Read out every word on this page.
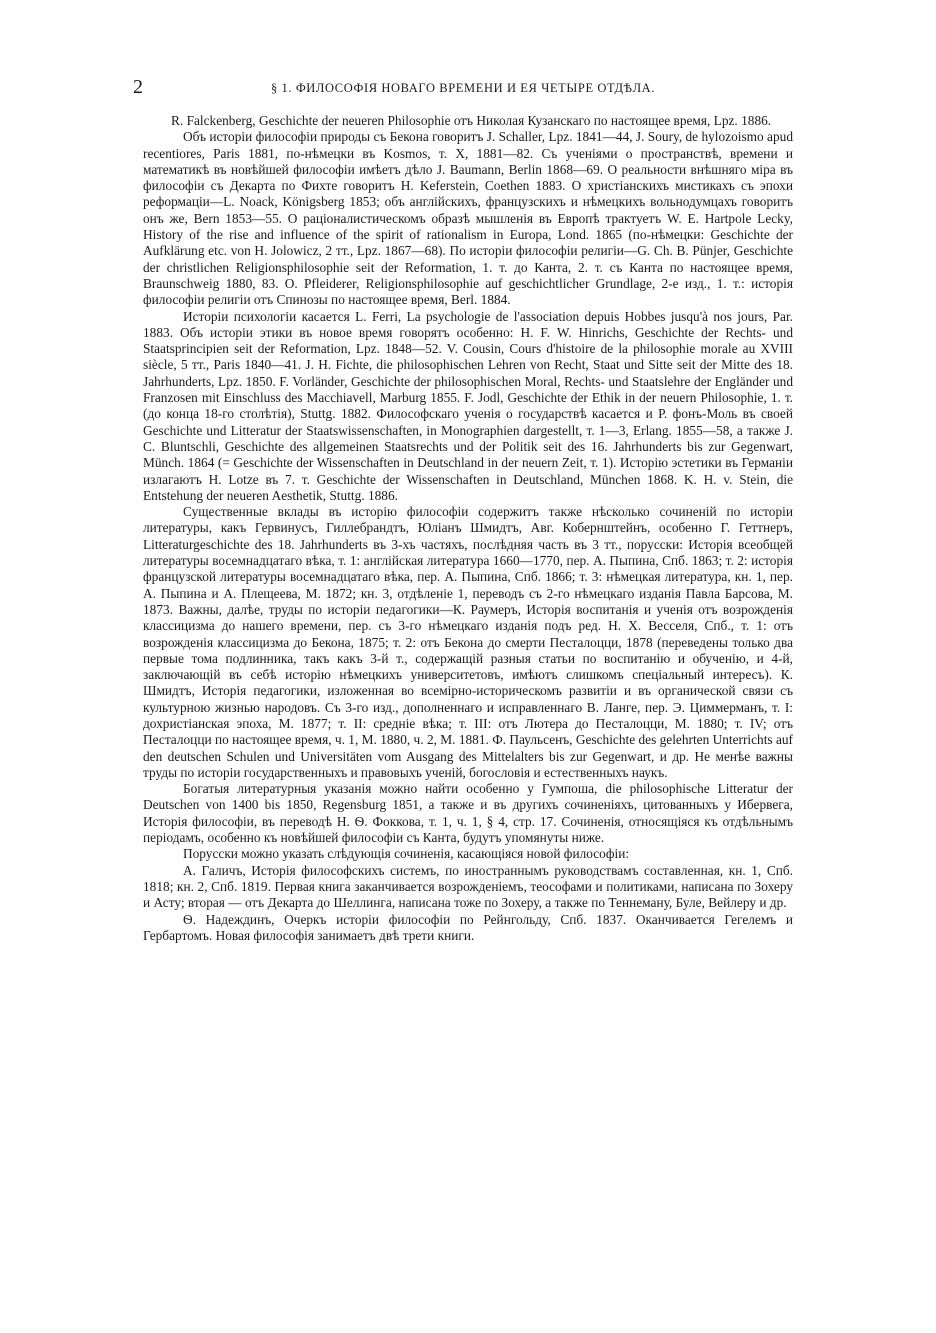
2	§ 1. ФИЛОСОФІЯ НОВАГО ВРЕМЕНИ И ЕЯ ЧЕТЫРЕ ОТДѢЛА.

R. Falckenberg, Geschichte der neueren Philosophie отъ Николая Кузанскаго по настоящее время, Lpz. 1886.

Объ исторіи философіи природы съ Бекона говоритъ J. Schaller, Lpz. 1841—44, J. Soury, de hylozoismo apud recentiores, Paris 1881, по-нѣмецки въ Kosmos, т. X, 1881—82. Съ ученіями о пространствѣ, времени и математикѣ въ новѣйшей философіи имѣетъ дѣло J. Baumann, Berlin 1868—69. О реальности внѣшняго міра въ философіи съ Декарта по Фихте говоритъ H. Keferstein, Coethen 1883. О христіанскихъ мистикахъ съ эпохи реформаціи—L. Noack, Königsberg 1853; объ англійскихъ, французскихъ и нѣмецкихъ вольнодумцахъ говоритъ онъ же, Bern 1853—55. О раціоналистическомъ образѣ мышленія въ Европѣ трактуетъ W. E. Hartpole Lecky, History of the rise and influence of the spirit of rationalism in Europa, Lond. 1865 (по-нѣмецки: Geschichte der Aufklärung etc. von H. Jolowicz, 2 тт., Lpz. 1867—68). По исторіи философіи религіи—G. Ch. B. Pünjer, Geschichte der christlichen Religionsphilosophie seit der Reformation, 1. т. до Канта, 2. т. съ Канта по настоящее время, Braunschweig 1880, 83. O. Pfleiderer, Religionsphilosophie auf geschichtlicher Grundlage, 2-е изд., 1. т.: исторія философіи религіи отъ Спинозы по настоящее время, Berl. 1884.

Исторіи психологіи касается L. Ferri, La psychologie de l'association depuis Hobbes jusqu'à nos jours, Par. 1883. Объ исторіи этики въ новое время говорятъ особенно: H. F. W. Hinrichs, Geschichte der Rechts- und Staatsprincipien seit der Reformation, Lpz. 1848—52. V. Cousin, Cours d'histoire de la philosophie morale au XVIII siècle, 5 тт., Paris 1840—41. J. H. Fichte, die philosophischen Lehren von Recht, Staat und Sitte seit der Mitte des 18. Jahrhunderts, Lpz. 1850. F. Vorländer, Geschichte der philosophischen Moral, Rechts- und Staatslehre der Engländer und Franzosen mit Einschluss des Macchiavell, Marburg 1855. F. Jodl, Geschichte der Ethik in der neuern Philosophie, 1. т. (до конца 18-го столѣтія), Stuttg. 1882. Философскаго ученія о государствѣ касается и Р. фонъ-Моль въ своей Geschichte und Litteratur der Staatswissenschaften, in Monographien dargestellt, т. 1—3, Erlang. 1855—58, а также J. C. Bluntschli, Geschichte des allgemeinen Staatsrechts und der Politik seit des 16. Jahrhunderts bis zur Gegenwart, Münch. 1864 (= Geschichte der Wissenschaften in Deutschland in der neuern Zeit, т. 1). Исторію эстетики въ Германіи излагаютъ H. Lotze въ 7. т. Geschichte der Wissenschaften in Deutschland, München 1868. K. H. v. Stein, die Entstehung der neueren Aesthetik, Stuttg. 1886.

Существенные вклады въ исторію философіи содержитъ также нѣсколько сочиненій по исторіи литературы, какъ Гервинусъ, Гиллебрандтъ, Юліанъ Шмидтъ, Авг. Кобернштейнъ, особенно Г. Геттнеръ, Litteraturgeschichte des 18. Jahrhunderts въ 3-хъ частяхъ, послѣдняя часть въ 3 тт., порусски: Исторія всеобщей литературы восемнадцатаго вѣка, т. 1: англійская литература 1660—1770, пер. А. Пыпина, Спб. 1863; т. 2: исторія французской литературы восемнадцатаго вѣка, пер. А. Пыпина, Спб. 1866; т. 3: нѣмецкая литература, кн. 1, пер. А. Пыпина и А. Плещеева, М. 1872; кн. 3, отдѣленіе 1, переводъ съ 2-го нѣмецкаго изданія Павла Барсова, М. 1873. Важны, далѣе, труды по исторіи педагогики—К. Раумеръ, Исторія воспитанія и ученія отъ возрожденія классицизма до нашего времени, пер. съ 3-го нѣмецкаго изданія подъ ред. Н. Х. Весселя, Спб., т. 1: отъ возрожденія классицизма до Бекона, 1875; т. 2: отъ Бекона до смерти Песталоцци, 1878 (переведены только два первые тома подлинника, такъ какъ 3-й т., содержащій разныя статьи по воспитанію и обученію, и 4-й, заключающій въ себѣ исторію нѣмецкихъ университетовъ, имѣютъ слишкомъ спеціальный интересъ). К. Шмидтъ, Исторія педагогики, изложенная во всемірно-историческомъ развитіи и въ органической связи съ культурною жизнью народовъ. Съ 3-го изд., дополненнаго и исправленнаго В. Ланге, пер. Э. Циммерманъ, т. I: дохристіанская эпоха, М. 1877; т. II: средніе вѣка; т. III: отъ Лютера до Песталоцци, М. 1880; т. IV; отъ Песталоцци по настоящее время, ч. 1, М. 1880, ч. 2, М. 1881. Ф. Паульсенъ, Geschichte des gelehrten Unterrichts auf den deutschen Schulen und Universitäten vom Ausgang des Mittelalters bis zur Gegenwart, и др. Не менѣе важны труды по исторіи государственныхъ и правовыхъ ученій, богословія и естественныхъ наукъ.

Богатыя литературныя указанія можно найти особенно у Гумпоша, die philosophische Litteratur der Deutschen von 1400 bis 1850, Regensburg 1851, а также и въ другихъ сочиненіяхъ, цитованныхъ у Ибервега, Исторія философіи, въ переводѣ Н. Ѳ. Фоккова, т. 1, ч. 1, § 4, стр. 17. Сочиненія, относящіяся къ отдѣльнымъ періодамъ, особенно къ новѣйшей философіи съ Канта, будутъ упомянуты ниже.

Порусски можно указать слѣдующія сочиненія, касающіяся новой философіи:

А. Галичъ, Исторія философскихъ системъ, по иностраннымъ руководствамъ составленная, кн. 1, Спб. 1818; кн. 2, Спб. 1819. Первая книга заканчивается возрожденіемъ, теософами и политиками, написана по Зохеру и Асту; вторая — отъ Декарта до Шеллинга, написана тоже по Зохеру, а также по Теннеману, Буле, Вейлеру и др.

Ѳ. Надеждинъ, Очеркъ исторіи философіи по Рейнгольду, Спб. 1837. Оканчивается Гегелемъ и Гербартомъ. Новая философія занимаетъ двѣ трети книги.
